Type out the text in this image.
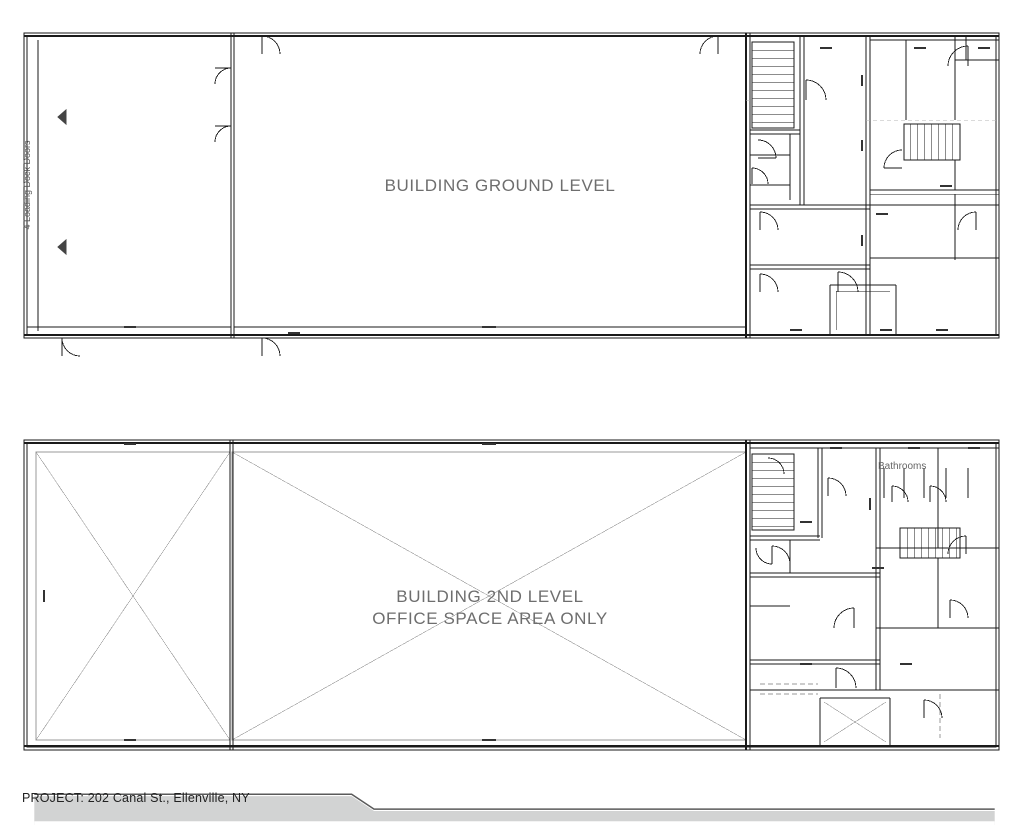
BUILDING GROUND LEVEL
4 Loading Dock Doors
BUILDING 2ND LEVEL
OFFICE SPACE AREA ONLY
Bathrooms
PROJECT: 202 Canal St., Ellenville, NY
